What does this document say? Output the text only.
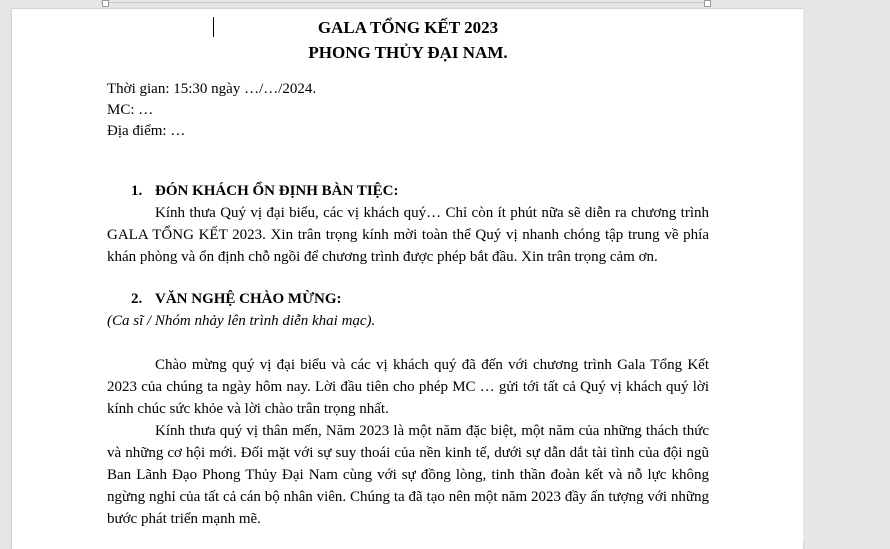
GALA TỔNG KẾT 2023

PHONG THỦY ĐẠI NAM.

Thời gian: 15:30 ngày …/…/2024.

MC: …

Địa điểm: …

1. ĐÓN KHÁCH ỔN ĐỊNH BÀN TIỆC:

Kính thưa Quý vị đại biểu, các vị khách quý… Chỉ còn ít phút nữa sẽ diễn ra chương trình GALA TỔNG KẾT 2023. Xin trân trọng kính mời toàn thể Quý vị nhanh chóng tập trung về phía khán phòng và ổn định chỗ ngồi để chương trình được phép bắt đầu. Xin trân trọng cảm ơn.

2. VĂN NGHỆ CHÀO MỪNG:

(Ca sĩ / Nhóm nhảy lên trình diễn khai mạc).

Chào mừng quý vị đại biểu và các vị khách quý đã đến với chương trình Gala Tổng Kết 2023 của chúng ta ngày hôm nay. Lời đầu tiên cho phép MC … gửi tới tất cả Quý vị khách quý lời kính chúc sức khỏe và lời chào trân trọng nhất.

Kính thưa quý vị thân mến, Năm 2023 là một năm đặc biệt, một năm của những thách thức và những cơ hội mới. Đối mặt với sự suy thoái của nền kinh tế, dưới sự dẫn dắt tài tình của đội ngũ Ban Lãnh Đạo Phong Thủy Đại Nam cùng với sự đồng lòng, tinh thần đoàn kết và nỗ lực không ngừng nghỉ của tất cả cán bộ nhân viên. Chúng ta đã tạo nên một năm 2023 đầy ấn tượng với những bước phát triển mạnh mẽ.
